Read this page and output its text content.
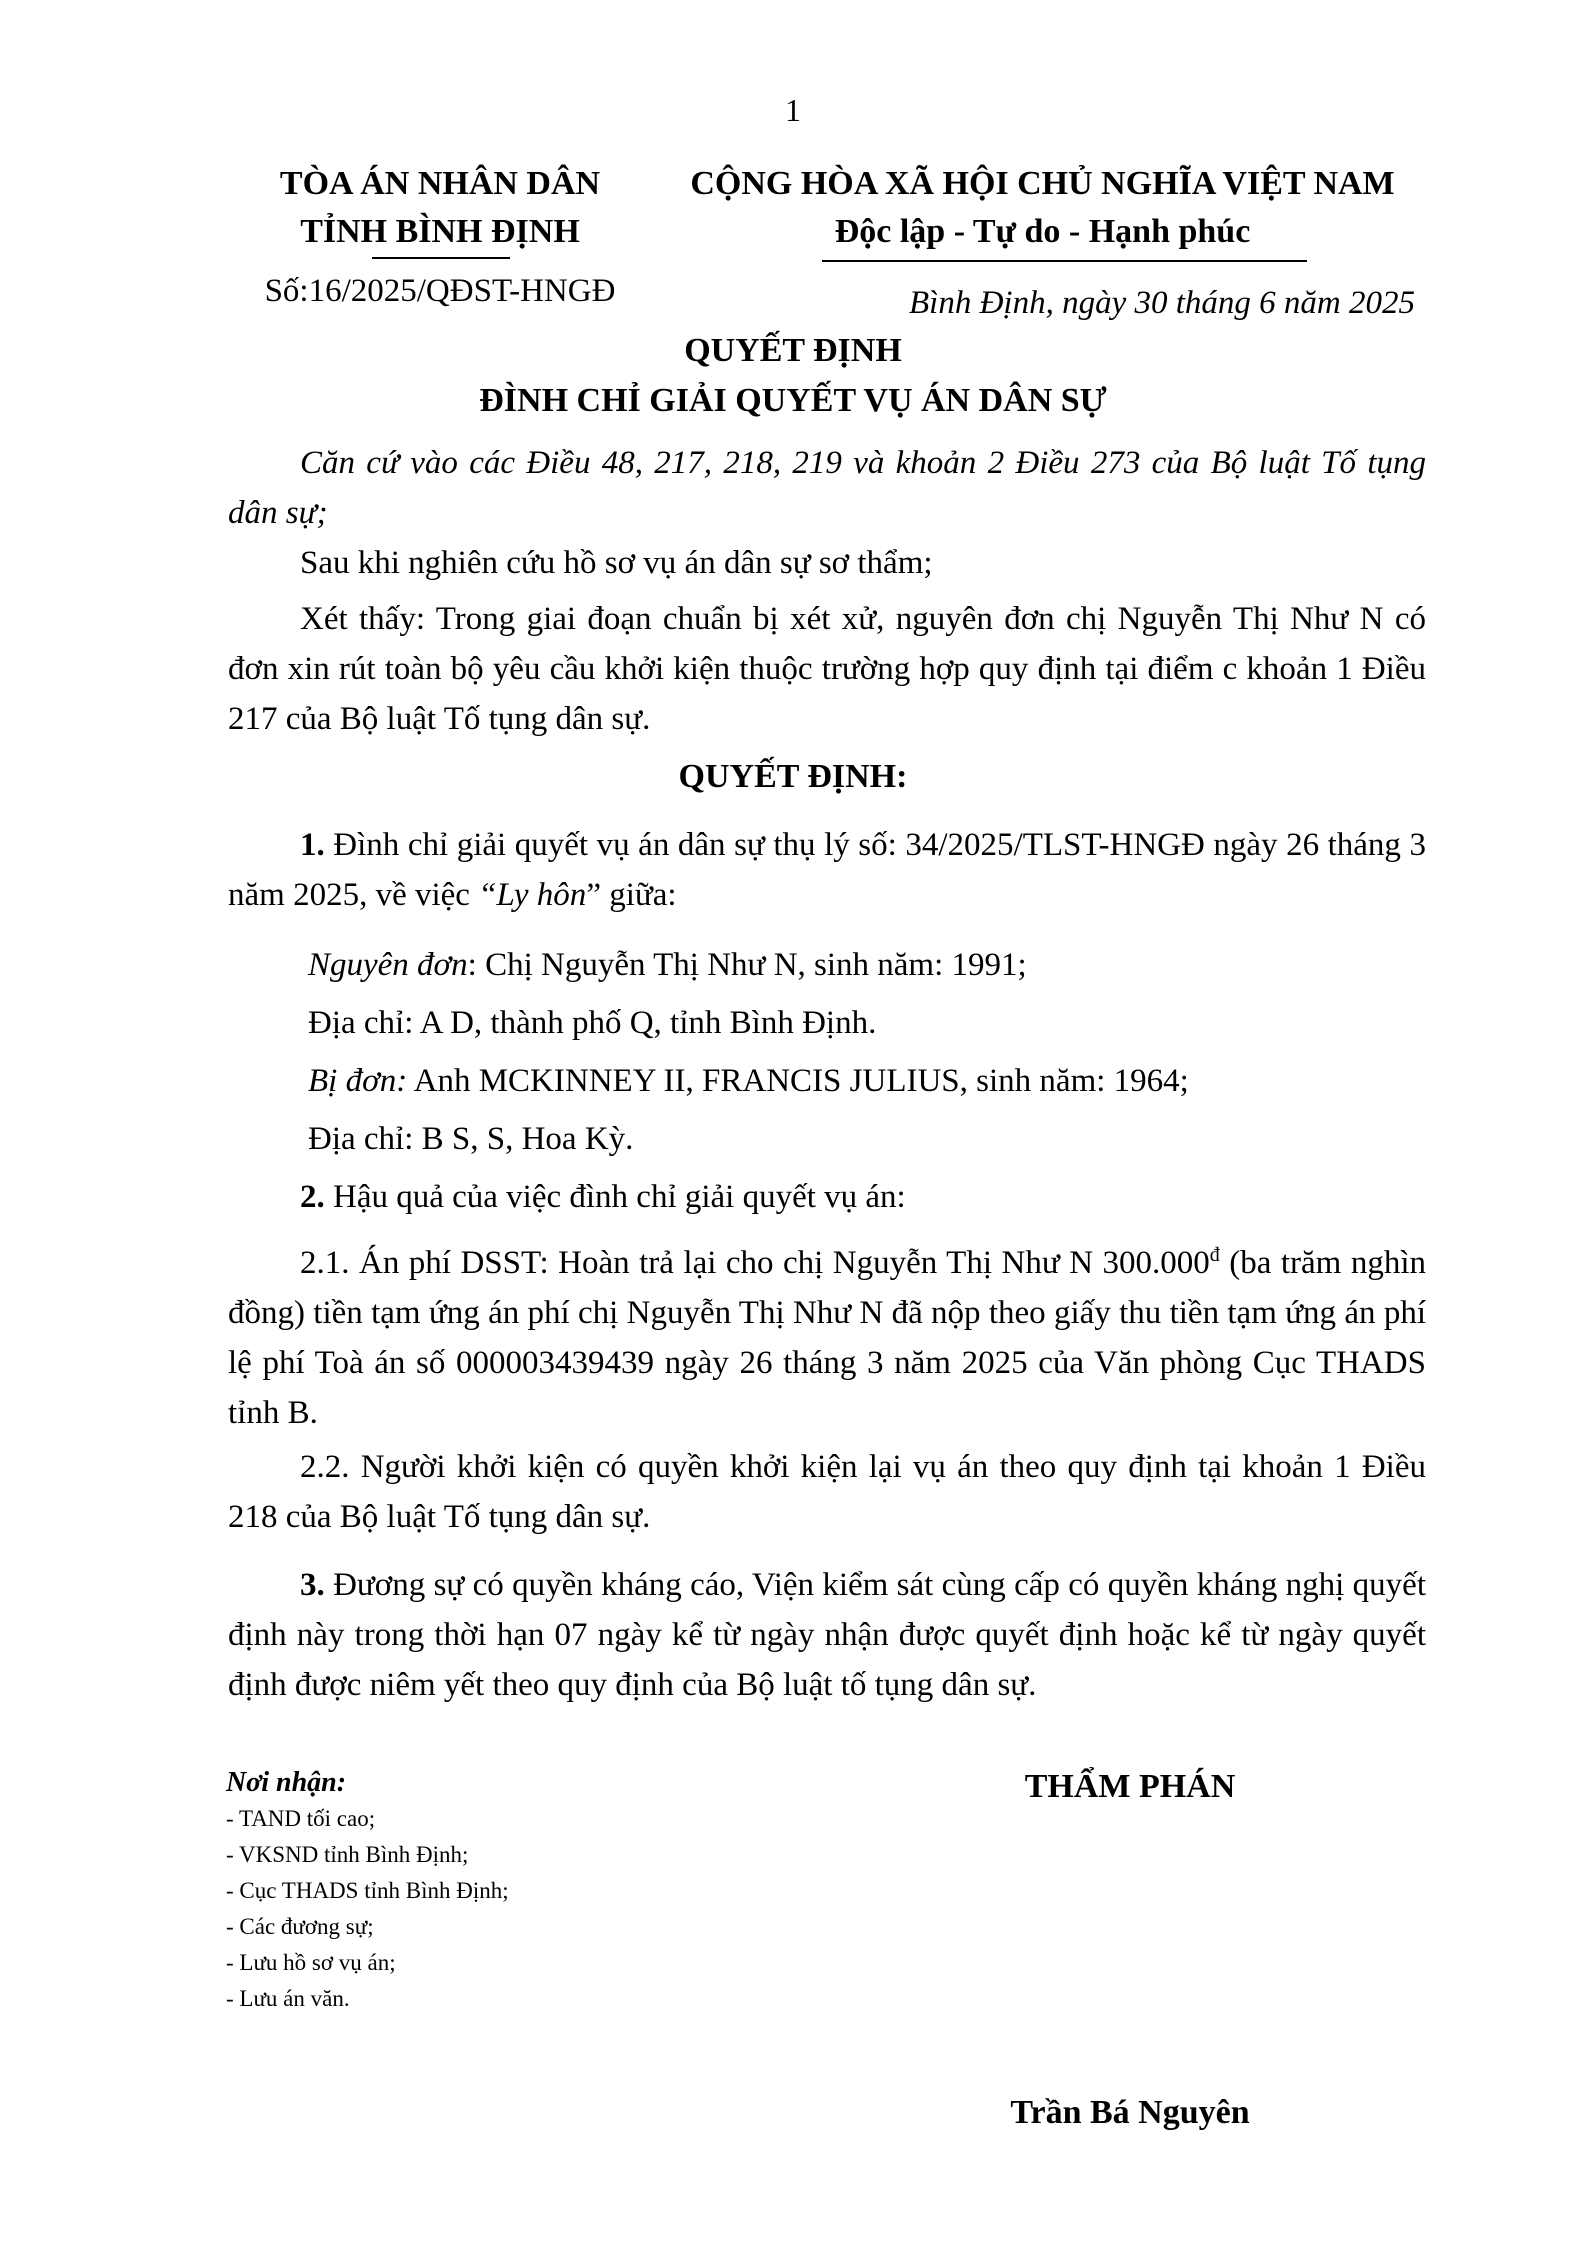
1
TÒA ÁN NHÂN DÂN
TỈNH BÌNH ĐỊNH
Số:16/2025/QĐST-HNGĐ
CỘNG HÒA XÃ HỘI CHỦ NGHĨA VIỆT NAM
Độc lập - Tự do - Hạnh phúc
Bình Định, ngày 30 tháng 6 năm 2025
QUYẾT ĐỊNH
ĐÌNH CHỈ GIẢI QUYẾT VỤ ÁN DÂN SỰ
Căn cứ vào các Điều 48, 217, 218, 219 và khoản 2 Điều 273 của Bộ luật Tố tụng dân sự;
Sau khi nghiên cứu hồ sơ vụ án dân sự sơ thẩm;
Xét thấy: Trong giai đoạn chuẩn bị xét xử, nguyên đơn chị Nguyễn Thị Như N có đơn xin rút toàn bộ yêu cầu khởi kiện thuộc trường hợp quy định tại điểm c khoản 1 Điều 217 của Bộ luật Tố tụng dân sự.
QUYẾT ĐỊNH:
1. Đình chỉ giải quyết vụ án dân sự thụ lý số: 34/2025/TLST-HNGĐ ngày 26 tháng 3 năm 2025, về việc “Ly hôn” giữa:
Nguyên đơn: Chị Nguyễn Thị Như N, sinh năm: 1991;
Địa chỉ: A D, thành phố Q, tỉnh Bình Định.
Bị đơn: Anh MCKINNEY II, FRANCIS JULIUS, sinh năm: 1964;
Địa chỉ: B S, S, Hoa Kỳ.
2. Hậu quả của việc đình chỉ giải quyết vụ án:
2.1. Án phí DSST: Hoàn trả lại cho chị Nguyễn Thị Như N $300.000^đ$ (ba trăm nghìn đồng) tiền tạm ứng án phí chị Nguyễn Thị Như N đã nộp theo giấy thu tiền tạm ứng án phí lệ phí Toà án số 000003439439 ngày 26 tháng 3 năm 2025 của Văn phòng Cục THADS tỉnh B.
2.2. Người khởi kiện có quyền khởi kiện lại vụ án theo quy định tại khoản 1 Điều 218 của Bộ luật Tố tụng dân sự.
3. Đương sự có quyền kháng cáo, Viện kiểm sát cùng cấp có quyền kháng nghị quyết định này trong thời hạn 07 ngày kể từ ngày nhận được quyết định hoặc kể từ ngày quyết định được niêm yết theo quy định của Bộ luật tố tụng dân sự.
Nơi nhận:
- TAND tối cao;
- VKSND tỉnh Bình Định;
- Cục THADS tỉnh Bình Định;
- Các đương sự;
- Lưu hồ sơ vụ án;
- Lưu án văn.
THẨM PHÁN
Trần Bá Nguyên
